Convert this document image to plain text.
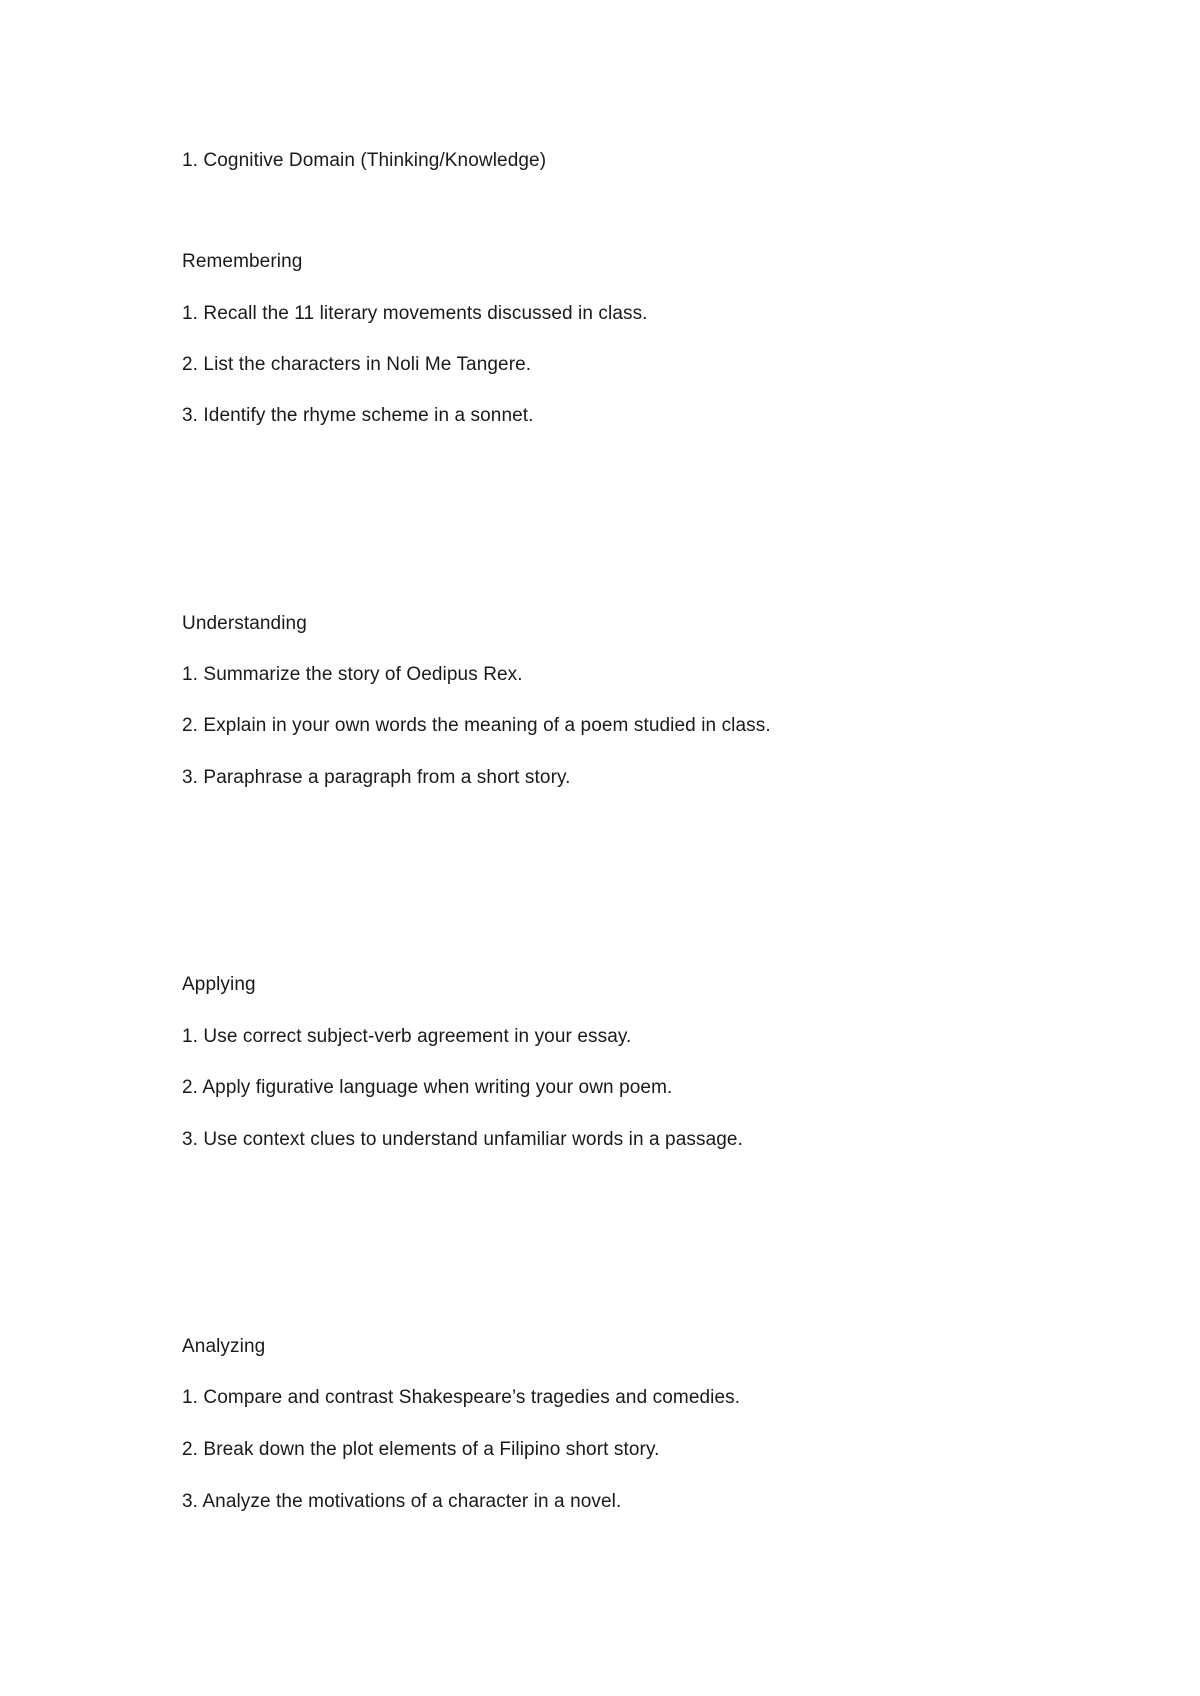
1. Cognitive Domain (Thinking/Knowledge)
Remembering
1. Recall the 11 literary movements discussed in class.
2. List the characters in Noli Me Tangere.
3. Identify the rhyme scheme in a sonnet.
Understanding
1. Summarize the story of Oedipus Rex.
2. Explain in your own words the meaning of a poem studied in class.
3. Paraphrase a paragraph from a short story.
Applying
1. Use correct subject-verb agreement in your essay.
2. Apply figurative language when writing your own poem.
3. Use context clues to understand unfamiliar words in a passage.
Analyzing
1. Compare and contrast Shakespeare’s tragedies and comedies.
2. Break down the plot elements of a Filipino short story.
3. Analyze the motivations of a character in a novel.
